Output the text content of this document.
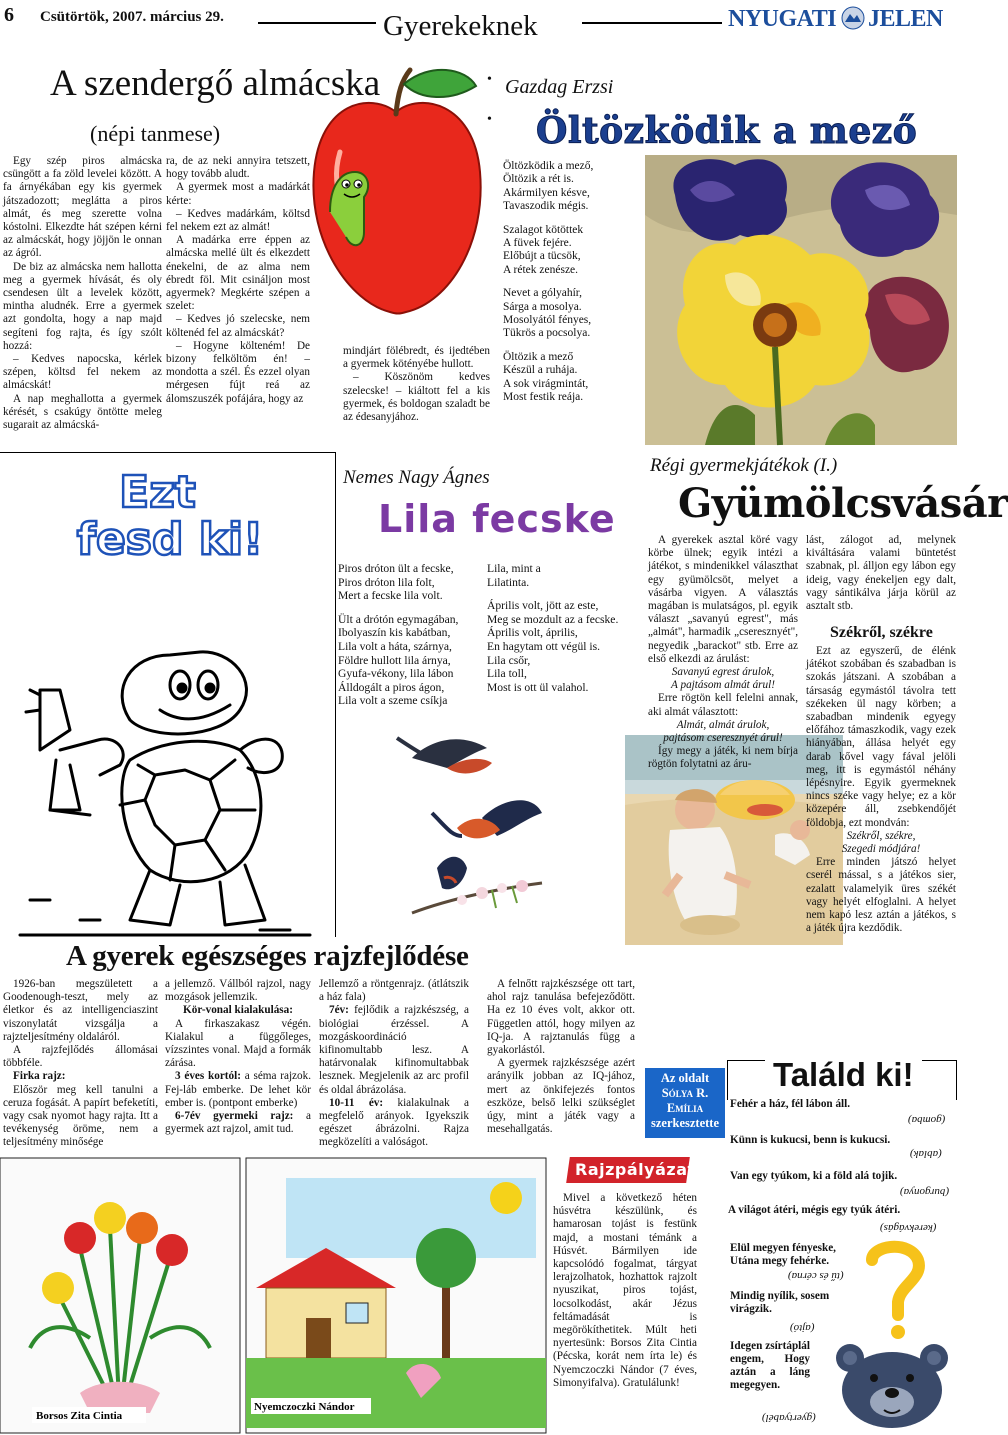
6 Csütörtök, 2007. március 29.	Gyerekeknek	NYUGATI JELEN
A szendergő almácska
(népi tanmese)

Egy szép piros almácska csüngött a fa zöld levelei között. A fa árnyékában egy kis gyermek játszadozott; meglátta a piros almát, és meg szerette volna kóstolni. Elkezdte hát szépen kérni az almácskát, hogy jöjjön le onnan az ágról.

De biz az almácska nem hallotta meg a gyermek hívását, és oly csendesen ült a levelek között, mintha aludnék. Erre a gyermek azt gondolta, hogy a nap majd segíteni fog rajta, és így szólt hozzá:

– Kedves napocska, kérlek szépen, költsd fel nekem az almácskát!

A nap meghallotta a gyermek kérését, s csakúgy öntötte meleg sugarait az almácská-

ra, de az neki annyira tetszett, hogy tovább aludt.

A gyermek most a madárkát kérte:

– Kedves madárkám, költsd fel nekem ezt az almát!

A madárka erre éppen az almácska mellé ült és elkezdett énekelni, de az alma nem ébredt föl. Mit csináljon most agyermek? Megkérte szépen a szelet:

– Kedves jó szelecske, nem költenéd fel az almácskát?

– Hogyne költeném! De bizony felköltöm én! – mondotta a szél. És ezzel olyan mérgesen fújt reá az álomszuszék pofájára, hogy az

mindjárt fölébredt, és ijedtében a gyermek kötényébe hullott.

– Köszönöm kedves szelecske! – kiáltott fel a kis gyermek, és boldogan szaladt be az édesanyjához.

•
•
Gazdag Erzsi
Öltözködik a mező

Öltözködik a mező,

Öltözik a rét is.

Akármilyen késve,

Tavaszodik mégis.

Szalagot kötöttek

A füvek fejére.

Előbújt a tücsök,

A rétek zenésze.

Nevet a gólyahír,

Sárga a mosolya.

Mosolyától fényes,

Tükrös a pocsolya.

Öltözik a mező

Készül a ruhája.

A sok virágmintát,

Most festik reája.

Ezt
fesd ki!
Nemes Nagy Ágnes
Lila fecske

Piros dróton ült a fecske,

Piros dróton lila folt,

Mert a fecske lila volt.

Ült a drótón egymagában,

Ibolyaszín kis kabátban,

Lila volt a háta, szárnya,

Földre hullott lila árnya,

Gyufa-vékony, lila lábon

Álldogált a piros ágon,

Lila volt a szeme csíkja

Lila, mint a

Lilatinta.

Április volt, jött az este,

Meg se mozdult az a fecske.

Április volt, április,

En hagytam ott végül is.

Lila csőr,

Lila toll,

Most is ott ül valahol.

Régi gyermekjátékok (I.)
Gyümölcsvásár

A gyerekek asztal köré vagy körbe ülnek; egyik intézi a játékot, s mindenikkel választhat egy gyümölcsöt, melyet a vásárba vigyen. A választás magában is mulatságos, pl. egyik választ „savanyú egrest", más „almát", harmadik „cseresznyét", negyedik „barackot" stb. Erre az első elkezdi az árulást:

Savanyú egrest árulok,

A pajtásom almát árul!

Erre rögtön kell felelni annak, aki almát választott:

Almát, almát árulok,

pajtásom cseresznyét árul!

Így megy a játék, ki nem bírja rögtön folytatni az áru-

lást, zálogot ad, melynek kiváltására valami büntetést szabnak, pl. álljon egy lábon egy ideig, vagy énekeljen egy dalt, vagy sántikálva járja körül az asztalt stb.

Székről, székre

Ezt az egyszerű, de élénk játékot szobában és szabadban is szokás játszani. A szobában a társaság egymástól távolra tett székeken ül nagy körben; a szabadban mindenik egyegy előfához támaszkodik, vagy ezek hiányában, állása helyét egy darab kővel vagy fával jelöli meg, itt is egymástól néhány lépésnyire. Egyik gyermeknek nincs széke vagy helye; ez a kör közepére áll, zsebkendőjét földobja, ezt mondván:

Székről, székre,

Szegedi módjára!

Erre minden játszó helyet cserél mással, s a játékos sier, ezalatt valamelyik üres székét vagy helyét elfoglalni. A helyet nem kapó lesz aztán a játékos, s a játék újra kezdődik.

A gyerek egészséges rajzfejlődése

1926-ban megszületett a Goodenough-teszt, mely az életkor és az intelligenciaszint viszonylatát vizsgálja a rajzteljesítmény oldaláról.

A rajzfejlődés állomásai többféle.

Firka rajz:

Először meg kell tanulni a ceruza fogását. A papírt befeketíti, vagy csak nyomot hagy rajta. Itt a tevékenység öröme, nem a teljesítmény minősége

a jellemző. Vállból rajzol, nagy mozgások jellemzik.

Kör-vonal kialakulása:

A firkaszakasz végén. Kialakul a függőleges, vízszintes vonal. Majd a formák zárása.

3 éves kortól: a séma rajzok. Fej-láb emberke. De lehet kör ember is. (pontpont emberke)

6-7év gyermeki rajz: a gyermek azt rajzol, amit tud.

Jellemző a röntgenrajz. (átlátszik a ház fala)

7év: fejlődik a rajzkészség, a biológiai érzéssel. A mozgáskoordináció kifinomultabb lesz. A határvonalak kifinomultabbak lesznek. Megjelenik az arc profil és oldal ábrázolása.

10-11 év: kialakulnak a megfelelő arányok. Igyekszik egészet ábrázolni. Rajza megközelíti a valóságot.

A felnőtt rajzkészsége ott tart, ahol rajz tanulása befejeződött. Ha ez 10 éves volt, akkor ott. Független attól, hogy milyen az IQ-ja. A rajztanulás függ a gyakorlástól.

A gyermek rajzkészsége azért arányilk jobban az IQ-jához, mert az önkifejezés fontos eszköze, belső lelki szükséglet úgy, mint a játék vagy a mesehallgatás.

Az oldalt
Sólya R.
Emília
szerkesztette
Találd ki!
Fehér a ház, fél lábon áll.
(gomba)
Künn is kukucsi, benn is kukucsi.
(ablak)
Van egy tyúkom, ki a föld alá tojik.
(burgonya)
A világot átéri, mégis egy tyúk átéri.
(kerekvágás)
Elül megyen fényeske, Utána megy fehérke.
(tű és cérna)
Mindig nyílik, sosem virágzik.
(ajtó)
Idegen zsírtáplál engem, Hogy aztán a láng megegyen.
(gyertyabél)
Rajzpályázat
Mivel a következő héten húsvétra készülünk, és hamarosan tojást is festünk majd, a mostani témánk a Húsvét. Bármilyen ide kapcsolódó fogalmat, tárgyat lerajzolhatok, hozhattok rajzolt nyuszikat, piros tojást, locsolkodást, akár Jézus feltámadását is megörökíthetitek. Múlt heti nyertesünk: Borsos Zita Cintia (Pécska, korát nem írta le) és Nyemczoczki Nándor (7 éves, Simonyifalva). Gratulálunk!
Borsos Zita Cintia
Nyemczoczki Nándor
